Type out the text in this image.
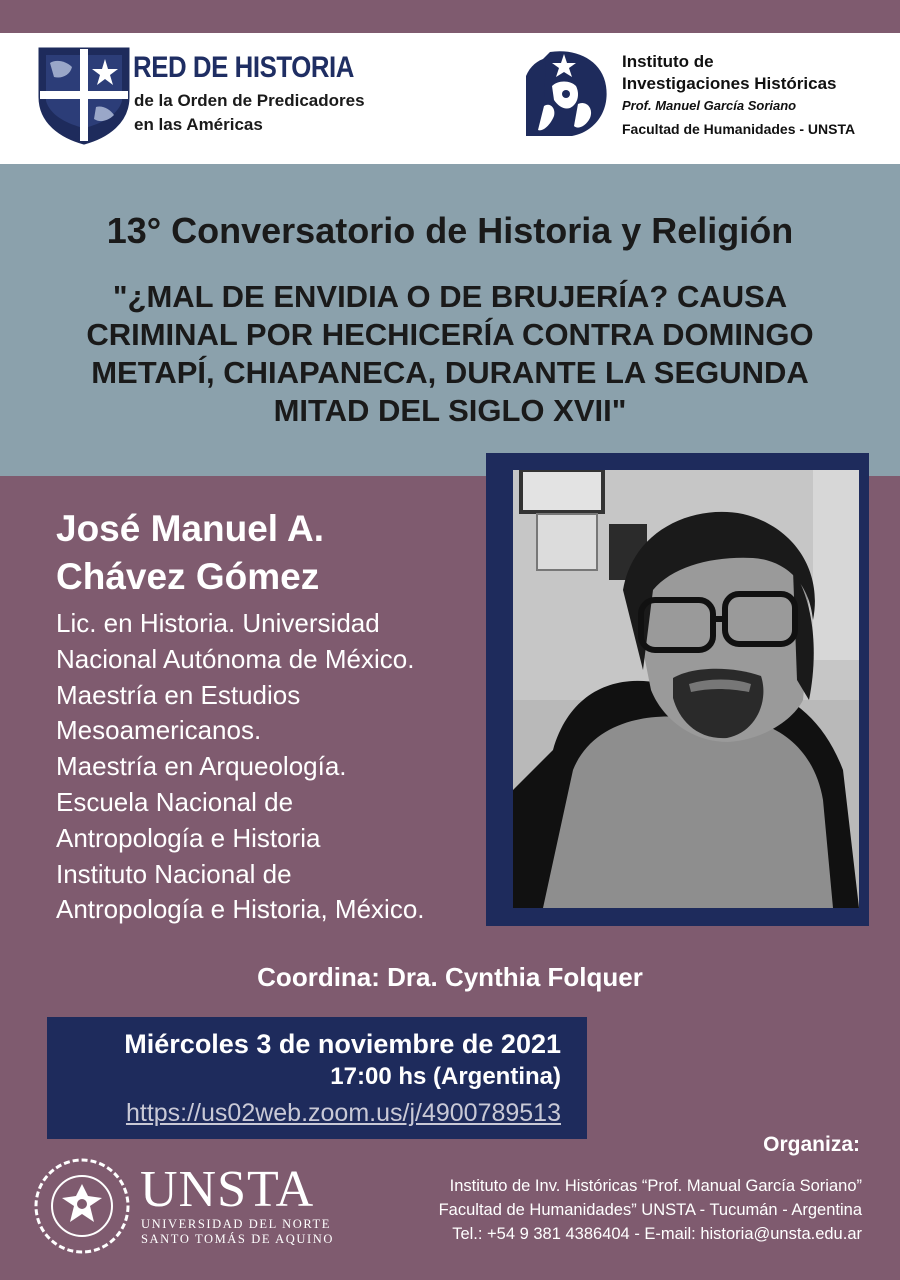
RED DE HISTORIA
de la Orden de Predicadores
en las Américas
Instituto de
Investigaciones Históricas
Prof. Manuel García Soriano
Facultad de Humanidades - UNSTA
13° Conversatorio de Historia y Religión
"¿MAL DE ENVIDIA O DE BRUJERÍA? CAUSA CRIMINAL POR HECHICERÍA CONTRA DOMINGO METAPÍ, CHIAPANECA, DURANTE LA SEGUNDA MITAD DEL SIGLO XVII"
José Manuel A.
Chávez Gómez
Lic. en Historia. Universidad
Nacional Autónoma de México.
Maestría en Estudios
Mesoamericanos.
Maestría en Arqueología.
Escuela Nacional de
Antropología e Historia
Instituto Nacional de
Antropología e Historia, México.
Coordina: Dra. Cynthia Folquer
Miércoles 3 de noviembre de 2021
17:00 hs (Argentina)
https://us02web.zoom.us/j/4900789513
UNSTA
UNIVERSIDAD DEL NORTE
SANTO TOMÁS DE AQUINO
Organiza:
Instituto de Inv. Históricas “Prof. Manual García Soriano”
Facultad de Humanidades” UNSTA - Tucumán - Argentina
Tel.: +54 9 381 4386404 - E-mail: historia@unsta.edu.ar
